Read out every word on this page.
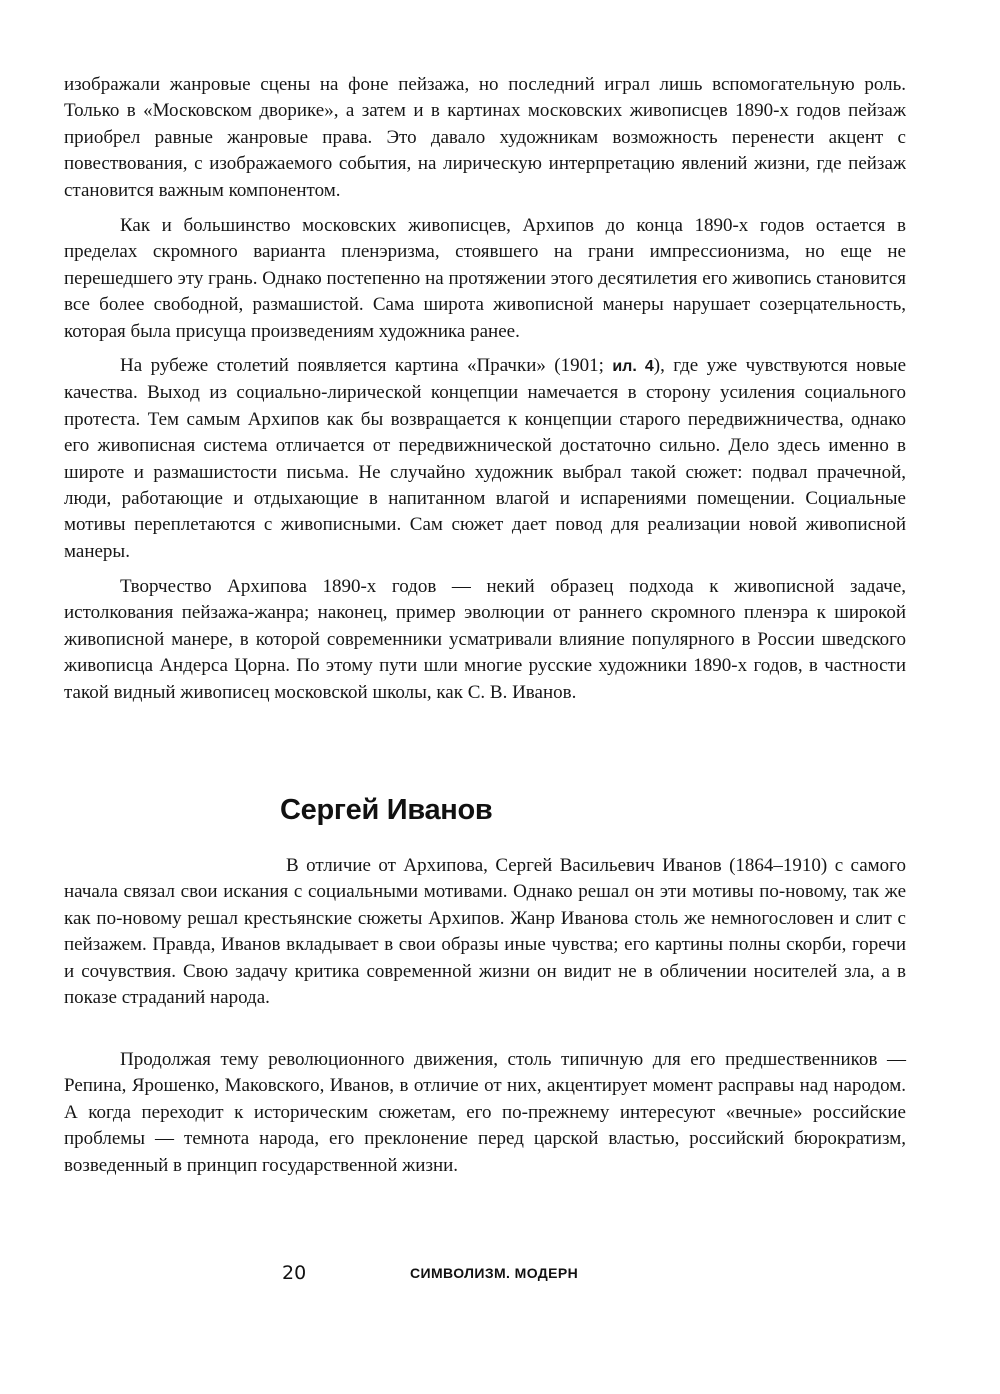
изображали жанровые сцены на фоне пейзажа, но последний играл лишь вспомогательную роль. Только в «Московском дворике», а затем и в картинах московских живописцев 1890-х годов пейзаж приобрел равные жанровые права. Это давало художникам возможность перенести акцент с повествования, с изображаемого события, на лирическую интерпретацию явлений жизни, где пейзаж становится важным компонентом.

Как и большинство московских живописцев, Архипов до конца 1890-х годов остается в пределах скромного варианта пленэризма, стоявшего на грани импрессионизма, но еще не перешедшего эту грань. Однако постепенно на протяжении этого десятилетия его живопись становится все более свободной, размашистой. Сама широта живописной манеры нарушает созерцательность, которая была присуща произведениям художника ранее.

На рубеже столетий появляется картина «Прачки» (1901; ил. 4), где уже чувствуются новые качества. Выход из социально-лирической концепции намечается в сторону усиления социального протеста. Тем самым Архипов как бы возвращается к концепции старого передвижничества, однако его живописная система отличается от передвижнической достаточно сильно. Дело здесь именно в широте и размашистости письма. Не случайно художник выбрал такой сюжет: подвал прачечной, люди, работающие и отдыхающие в напитанном влагой и испарениями помещении. Социальные мотивы переплетаются с живописными. Сам сюжет дает повод для реализации новой живописной манеры.

Творчество Архипова 1890-х годов — некий образец подхода к живописной задаче, истолкования пейзажа-жанра; наконец, пример эволюции от раннего скромного пленэра к широкой живописной манере, в которой современники усматривали влияние популярного в России шведского живописца Андерса Цорна. По этому пути шли многие русские художники 1890-х годов, в частности такой видный живописец московской школы, как С. В. Иванов.

Сергей Иванов

В отличие от Архипова, Сергей Васильевич Иванов (1864–1910) с самого начала связал свои искания с социальными мотивами. Однако решал он эти мотивы по-новому, так же как по-новому решал крестьянские сюжеты Архипов. Жанр Иванова столь же немногословен и слит с пейзажем. Правда, Иванов вкладывает в свои образы иные чувства; его картины полны скорби, горечи и сочувствия. Свою задачу критика современной жизни он видит не в обличении носителей зла, а в показе страданий народа.

Продолжая тему революционного движения, столь типичную для его предшественников — Репина, Ярошенко, Маковского, Иванов, в отличие от них, акцентирует момент расправы над народом. А когда переходит к историческим сюжетам, его по-прежнему интересуют «вечные» российские проблемы — темнота народа, его преклонение перед царской властью, российский бюрократизм, возведенный в принцип государственной жизни.

20	СИМВОЛИЗМ. МОДЕРН
